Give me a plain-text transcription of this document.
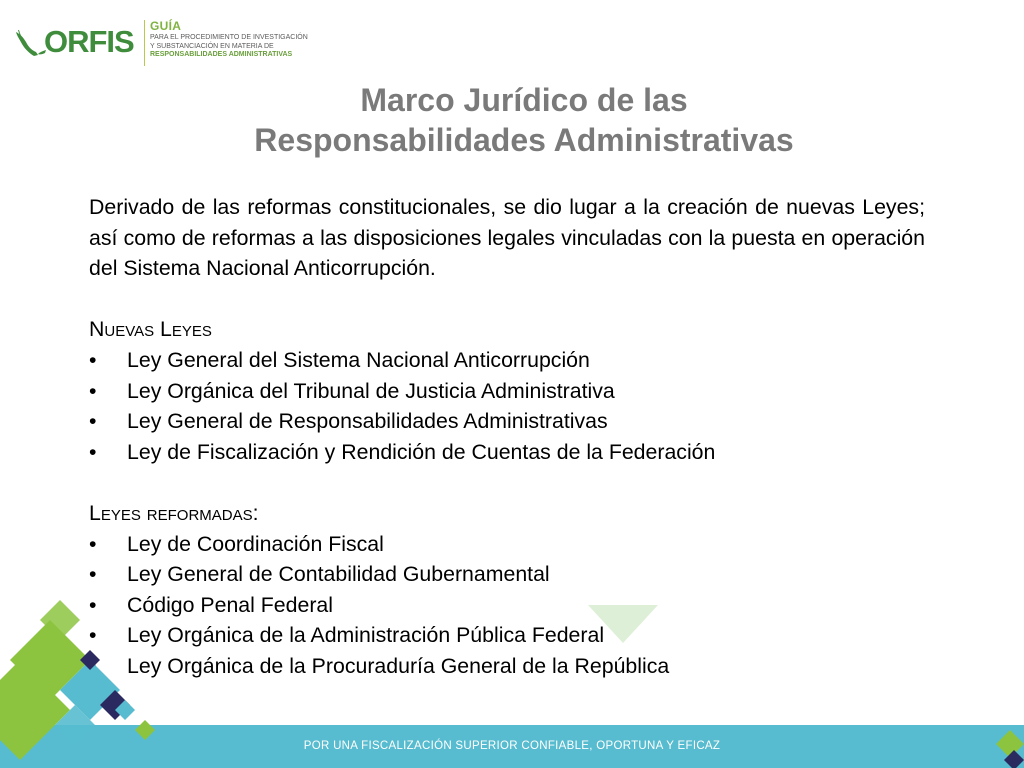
ORFIS GUÍA
PARA EL PROCEDIMIENTO DE INVESTIGACIÓN
Y SUBSTANCIACIÓN EN MATERIA DE
RESPONSABILIDADES ADMINISTRATIVAS
Marco Jurídico de las
Responsabilidades Administrativas

Derivado de las reformas constitucionales, se dio lugar a la creación de nuevas Leyes; así como de reformas a las disposiciones legales vinculadas con la puesta en operación del Sistema Nacional Anticorrupción.

Nuevas Leyes
• Ley General del Sistema Nacional Anticorrupción
• Ley Orgánica del Tribunal de Justicia Administrativa
• Ley General de Responsabilidades Administrativas
• Ley de Fiscalización y Rendición de Cuentas de la Federación
Leyes reformadas:
• Ley de Coordinación Fiscal
• Ley General de Contabilidad Gubernamental
• Código Penal Federal
• Ley Orgánica de la Administración Pública Federal
Ley Orgánica de la Procuraduría General de la República
POR UNA FISCALIZACIÓN SUPERIOR CONFIABLE, OPORTUNA Y EFICAZ
